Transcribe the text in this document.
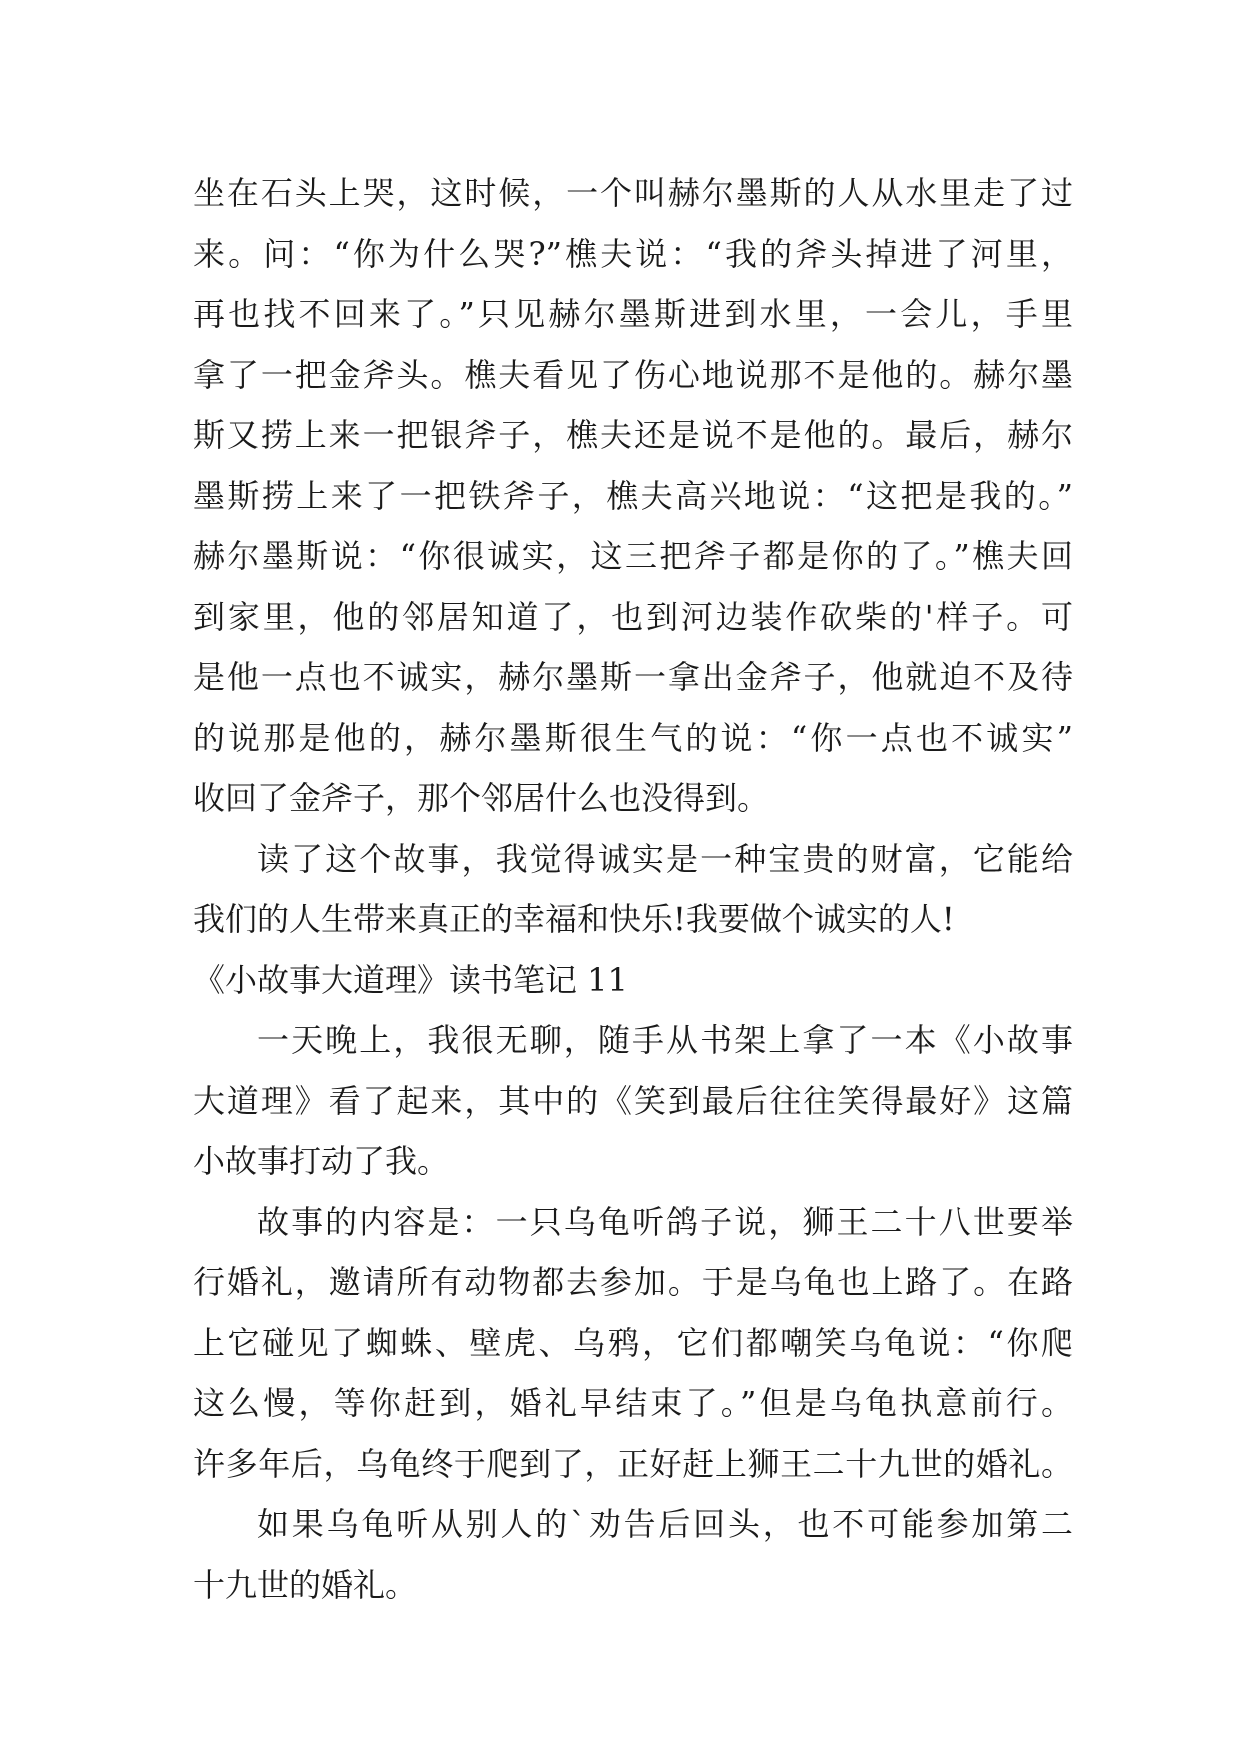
坐在石头上哭，这时候，一个叫赫尔墨斯的人从水里走了过
来。问：“你为什么哭?”樵夫说：“我的斧头掉进了河里，
再也找不回来了。”只见赫尔墨斯进到水里，一会儿，手里
拿了一把金斧头。樵夫看见了伤心地说那不是他的。赫尔墨
斯又捞上来一把银斧子，樵夫还是说不是他的。最后，赫尔
墨斯捞上来了一把铁斧子，樵夫高兴地说：“这把是我的。”
赫尔墨斯说：“你很诚实，这三把斧子都是你的了。”樵夫回
到家里，他的邻居知道了，也到河边装作砍柴的'样子。可
是他一点也不诚实，赫尔墨斯一拿出金斧子，他就迫不及待
的说那是他的，赫尔墨斯很生气的说：“你一点也不诚实”
收回了金斧子，那个邻居什么也没得到。
读了这个故事，我觉得诚实是一种宝贵的财富，它能给
我们的人生带来真正的幸福和快乐!我要做个诚实的人!
《小故事大道理》读书笔记 11
一天晚上，我很无聊，随手从书架上拿了一本《小故事
大道理》看了起来，其中的《笑到最后往往笑得最好》这篇
小故事打动了我。
故事的内容是：一只乌龟听鸽子说，狮王二十八世要举
行婚礼，邀请所有动物都去参加。于是乌龟也上路了。在路
上它碰见了蜘蛛、壁虎、乌鸦，它们都嘲笑乌龟说：“你爬
这么慢，等你赶到，婚礼早结束了。”但是乌龟执意前行。
许多年后，乌龟终于爬到了，正好赶上狮王二十九世的婚礼。
如果乌龟听从别人的`劝告后回头，也不可能参加第二
十九世的婚礼。
